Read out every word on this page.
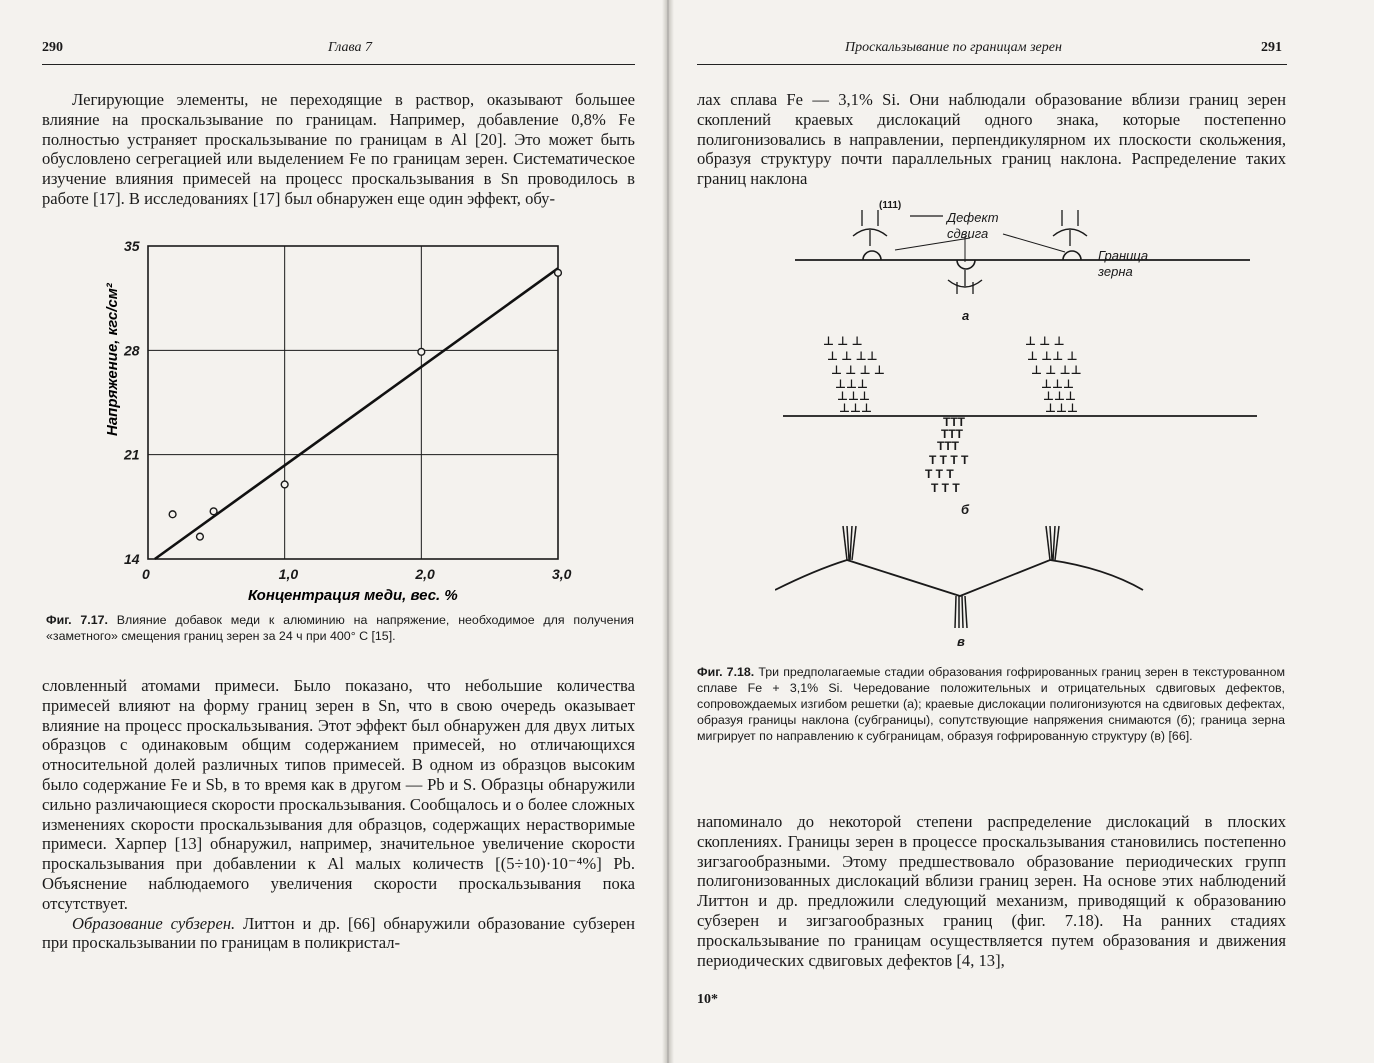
290	Глава 7

Легирующие элементы, не переходящие в раствор, оказывают большее влияние на проскальзывание по границам. Например, добавление 0,8% Fe полностью устраняет проскальзывание по границам в Al [20]. Это может быть обусловлено сегрегацией или выделением Fe по границам зерен. Систематическое изучение влияния примесей на процесс проскальзывания в Sn проводилось в работе [17]. В исследованиях [17] был обнаружен еще один эффект, обу-

0	1,0	2,0	3,0
14
21
28
35
Напряжение, кгс/см²
Концентрация меди, вес. %
Фиг. 7.17. Влияние добавок меди к алюминию на напряжение, необходимое для получения «заметного» смещения границ зерен за 24 ч при 400° С [15].

словленный атомами примеси. Было показано, что небольшие количества примесей влияют на форму границ зерен в Sn, что в свою очередь оказывает влияние на процесс проскальзывания. Этот эффект был обнаружен для двух литых образцов с одинаковым общим содержанием примесей, но отличающихся относительной долей различных типов примесей. В одном из образцов высоким было содержание Fe и Sb, в то время как в другом — Pb и S. Образцы обнаружили сильно различающиеся скорости проскальзывания. Сообщалось и о более сложных изменениях скорости проскальзывания для образцов, содержащих нерастворимые примеси. Харпер [13] обнаружил, например, значительное увеличение скорости проскальзывания при добавлении к Al малых количеств [(5÷10)·10⁻⁴%] Pb. Объяснение наблюдаемого увеличения скорости проскальзывания пока отсутствует.

Образование субзерен. Литтон и др. [66] обнаружили образование субзерен при проскальзывании по границам в поликристал-

Проскальзывание по границам зерен	291

лах сплава Fe — 3,1% Si. Они наблюдали образование вблизи границ зерен скоплений краевых дислокаций одного знака, которые постепенно полигонизовались в направлении, перпендикулярном их плоскости скольжения, образуя структуру почти параллельных границ наклона. Распределение таких границ наклона

(111)
Дефект
сдвига
Граница
зерна
а
⊥ ⊥ ⊥
⊥ ⊥ ⊥⊥
⊥ ⊥ ⊥ ⊥
⊥⊥⊥
⊥⊥⊥
⊥⊥⊥
⊥ ⊥ ⊥
⊥ ⊥⊥ ⊥
⊥ ⊥ ⊥⊥
⊥⊥⊥
⊥⊥⊥
⊥⊥⊥
TTT
TTT
TTT
T T T T
T T T
T T T
б
в
Фиг. 7.18. Три предполагаемые стадии образования гофрированных границ зерен в текстурованном сплаве Fe + 3,1% Si. Чередование положительных и отрицательных сдвиговых дефектов, сопровождаемых изгибом решетки (а); краевые дислокации полигонизуются на сдвиговых дефектах, образуя границы наклона (субграницы), сопутствующие напряжения снимаются (б); граница зерна мигрирует по направлению к субграницам, образуя гофрированную структуру (в) [66].

напоминало до некоторой степени распределение дислокаций в плоских скоплениях. Границы зерен в процессе проскальзывания становились постепенно зигзагообразными. Этому предшествовало образование периодических групп полигонизованных дислокаций вблизи границ зерен. На основе этих наблюдений Литтон и др. предложили следующий механизм, приводящий к образованию субзерен и зигзагообразных границ (фиг. 7.18). На ранних стадиях проскальзывание по границам осуществляется путем образования и движения периодических сдвиговых дефектов [4, 13],

10*
